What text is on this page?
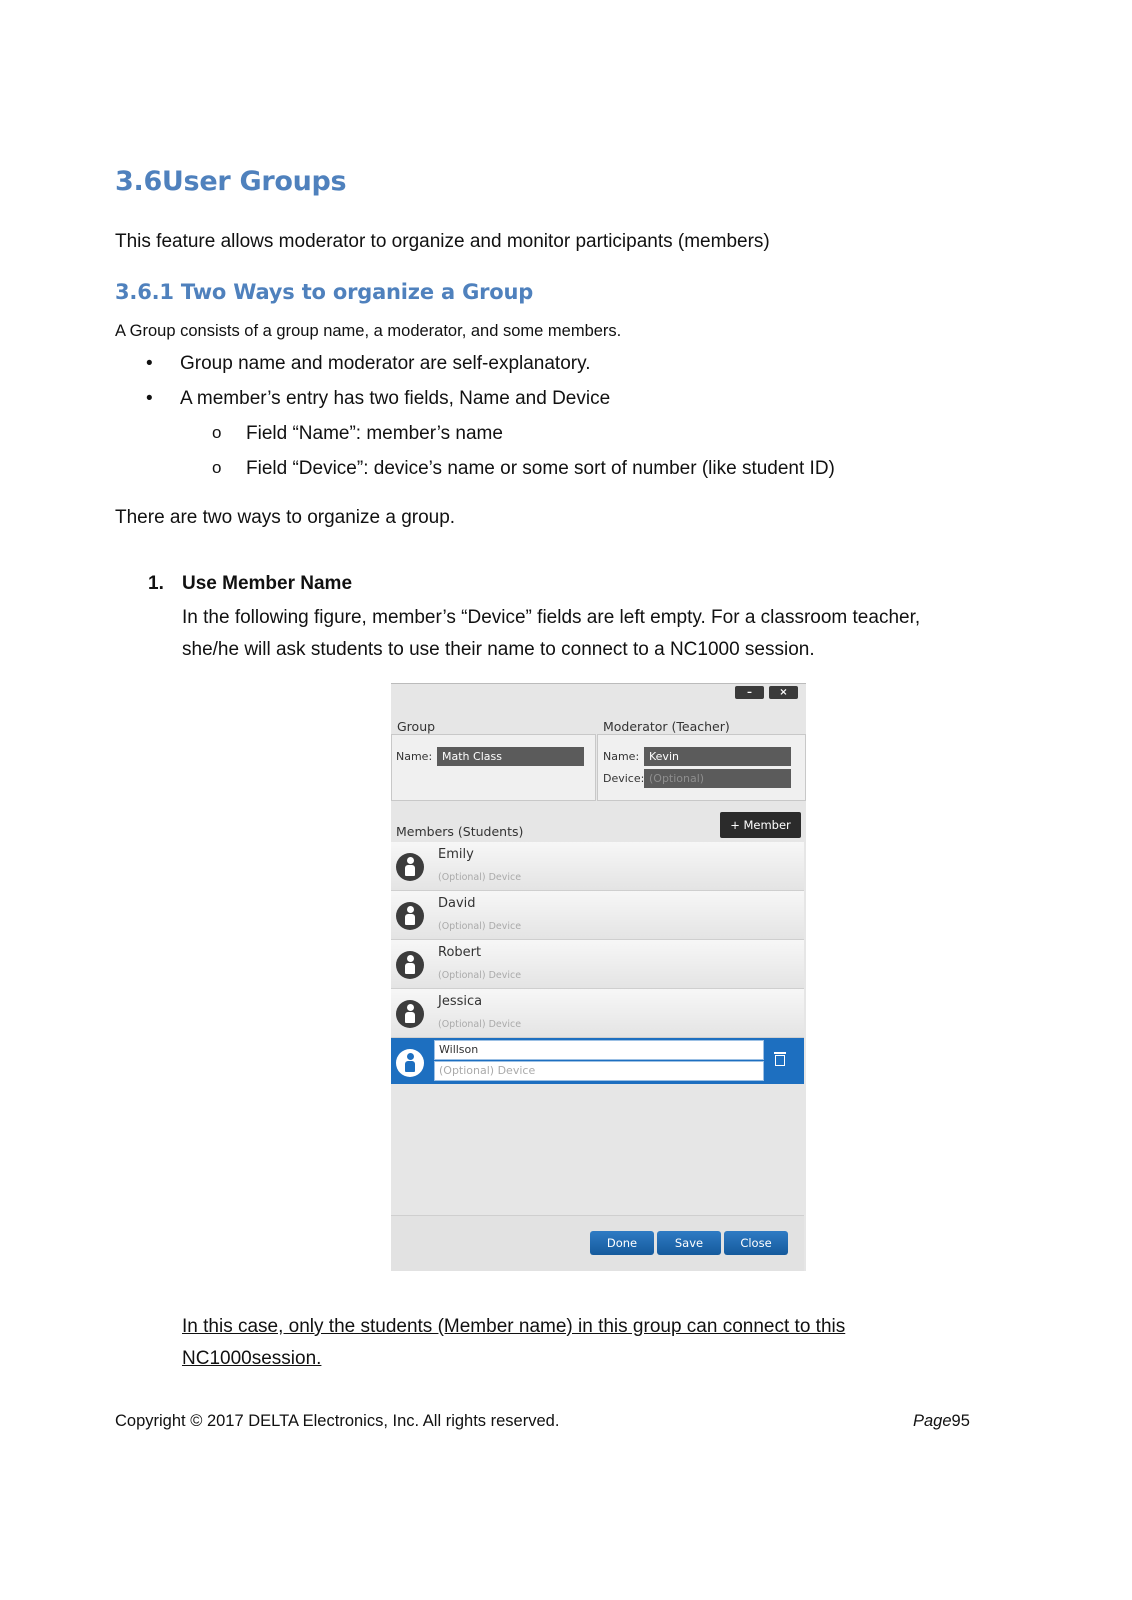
3.6User Groups
This feature allows moderator to organize and monitor participants (members)
3.6.1 Two Ways to organize a Group
A Group consists of a group name, a moderator, and some members.
• Group name and moderator are self-explanatory.
• A member’s entry has two fields, Name and Device
o Field “Name”: member’s name
o Field “Device”: device’s name or some sort of number (like student ID)
There are two ways to organize a group.
1. Use Member Name
In the following figure, member’s “Device” fields are left empty. For a classroom teacher,
she/he will ask students to use their name to connect to a NC1000 session.
–	×
Group	Moderator (Teacher)
Name: Math Class	Name: Kevin
Device: (Optional)
Members (Students)	+ Member
Emily
(Optional) Device
David
(Optional) Device
Robert
(Optional) Device
Jessica
(Optional) Device
Willson
(Optional) Device
Done	Save	Close
In this case, only the students (Member name) in this group can connect to this
NC1000session.
Copyright © 2017 DELTA Electronics, Inc. All rights reserved.	Page95
